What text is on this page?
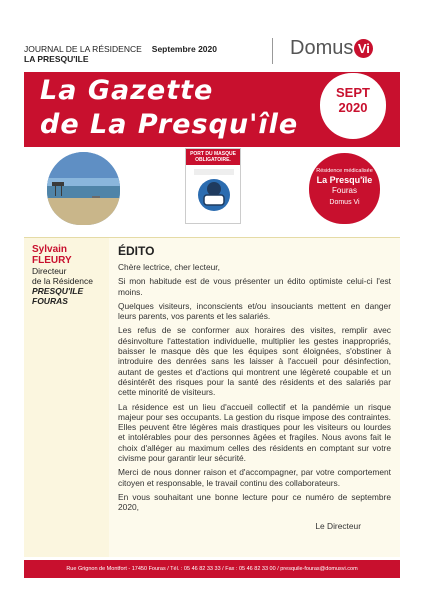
JOURNAL DE LA RÉSIDENCE Septembre 2020
LA PRESQU'ILE	Domus Vi
La Gazette
de La Presqu'île
SEPT
2020
PORT DU MASQUE OBLIGATOIRE.
Résidence médicalisée
La Presqu'île
Fouras
Domus Vi
Sylvain
FLEURY
Directeur
de la Résidence
PRESQU'ILE
FOURAS
ÉDITO

Chère lectrice, cher lecteur,

Si mon habitude est de vous présenter un édito optimiste celui-ci l'est moins.

Quelques visiteurs, inconscients et/ou insouciants mettent en danger leurs parents, vos parents et les salariés.

Les refus de se conformer aux horaires des visites, remplir avec désinvolture l'attestation individuelle, multiplier les gestes inappropriés, baisser le masque dès que les équipes sont éloignées, s'obstiner à introduire des denrées sans les laisser à l'accueil pour désinfection, autant de gestes et d'actions qui montrent une légèreté coupable et un désintérêt des risques pour la santé des résidents et des salariés par cette minorité de visiteurs.

La résidence est un lieu d'accueil collectif et la pandémie un risque majeur pour ses occupants. La gestion du risque impose des contraintes. Elles peuvent être légères mais drastiques pour les visiteurs ou lourdes et intolérables pour des personnes âgées et fragiles. Nous avons fait le choix d'alléger au maximum celles des résidents en comptant sur votre civisme pour garantir leur sécurité.

Merci de nous donner raison et d'accompagner, par votre comportement citoyen et responsable, le travail continu des collaborateurs.

En vous souhaitant une bonne lecture pour ce numéro de septembre 2020,

Le Directeur

Rue Grignon de Montfort - 17450 Fouras / Tél. : 05 46 82 33 33 / Fax : 05 46 82 33 00 / presquile-fouras@domusvi.com
